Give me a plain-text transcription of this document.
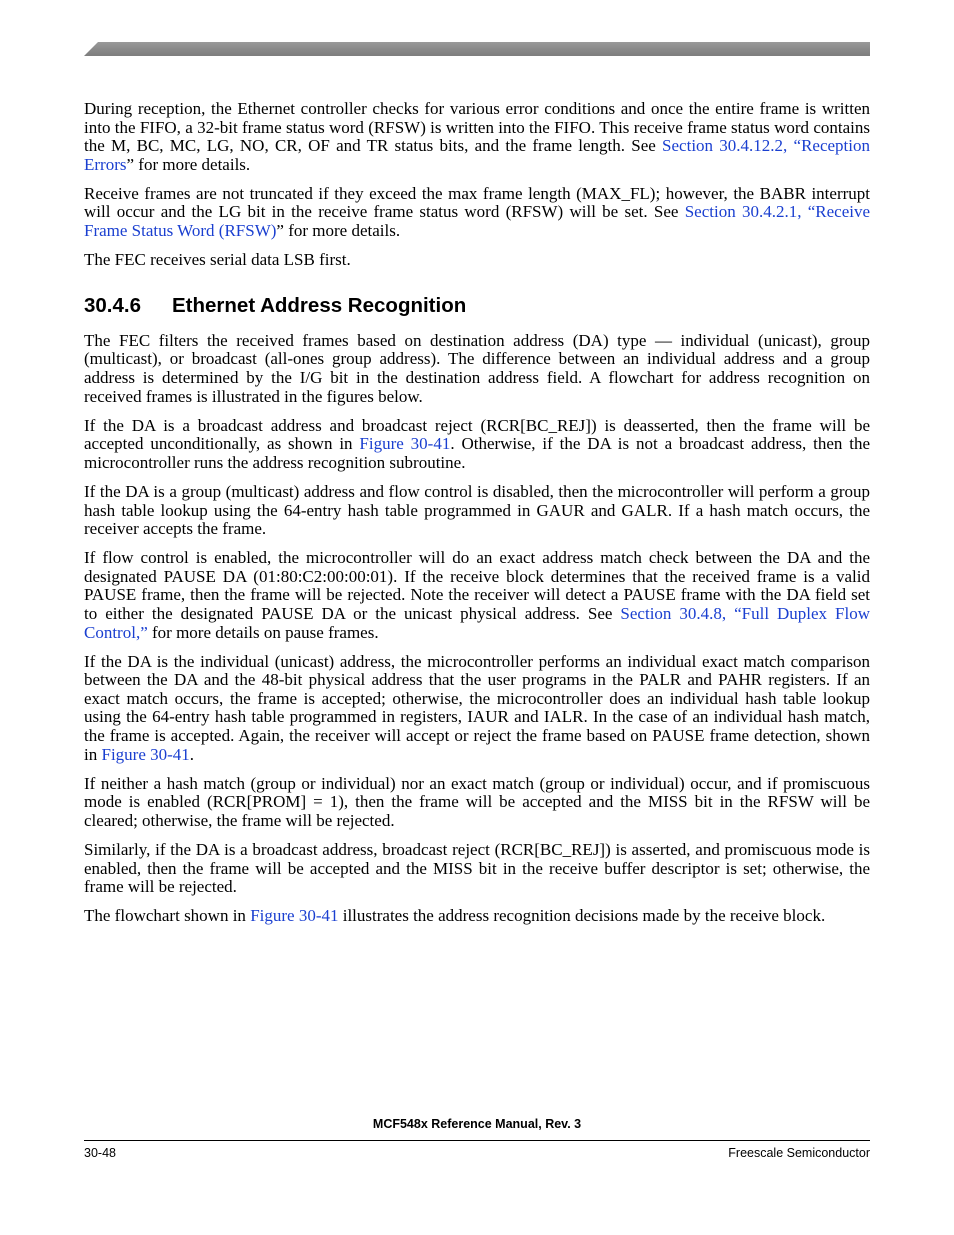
During reception, the Ethernet controller checks for various error conditions and once the entire frame is written into the FIFO, a 32-bit frame status word (RFSW) is written into the FIFO. This receive frame status word contains the M, BC, MC, LG, NO, CR, OF and TR status bits, and the frame length. See Section 30.4.12.2, “Reception Errors” for more details.

Receive frames are not truncated if they exceed the max frame length (MAX_FL); however, the BABR interrupt will occur and the LG bit in the receive frame status word (RFSW) will be set. See Section 30.4.2.1, “Receive Frame Status Word (RFSW)” for more details.

The FEC receives serial data LSB first.

30.4.6 Ethernet Address Recognition

The FEC filters the received frames based on destination address (DA) type — individual (unicast), group (multicast), or broadcast (all-ones group address). The difference between an individual address and a group address is determined by the I/G bit in the destination address field. A flowchart for address recognition on received frames is illustrated in the figures below.

If the DA is a broadcast address and broadcast reject (RCR[BC_REJ]) is deasserted, then the frame will be accepted unconditionally, as shown in Figure 30-41. Otherwise, if the DA is not a broadcast address, then the microcontroller runs the address recognition subroutine.

If the DA is a group (multicast) address and flow control is disabled, then the microcontroller will perform a group hash table lookup using the 64-entry hash table programmed in GAUR and GALR. If a hash match occurs, the receiver accepts the frame.

If flow control is enabled, the microcontroller will do an exact address match check between the DA and the designated PAUSE DA (01:80:C2:00:00:01). If the receive block determines that the received frame is a valid PAUSE frame, then the frame will be rejected. Note the receiver will detect a PAUSE frame with the DA field set to either the designated PAUSE DA or the unicast physical address. See Section 30.4.8, “Full Duplex Flow Control,” for more details on pause frames.

If the DA is the individual (unicast) address, the microcontroller performs an individual exact match comparison between the DA and the 48-bit physical address that the user programs in the PALR and PAHR registers. If an exact match occurs, the frame is accepted; otherwise, the microcontroller does an individual hash table lookup using the 64-entry hash table programmed in registers, IAUR and IALR. In the case of an individual hash match, the frame is accepted. Again, the receiver will accept or reject the frame based on PAUSE frame detection, shown in Figure 30-41.

If neither a hash match (group or individual) nor an exact match (group or individual) occur, and if promiscuous mode is enabled (RCR[PROM] = 1), then the frame will be accepted and the MISS bit in the RFSW will be cleared; otherwise, the frame will be rejected.

Similarly, if the DA is a broadcast address, broadcast reject (RCR[BC_REJ]) is asserted, and promiscuous mode is enabled, then the frame will be accepted and the MISS bit in the receive buffer descriptor is set; otherwise, the frame will be rejected.

The flowchart shown in Figure 30-41 illustrates the address recognition decisions made by the receive block.

MCF548x Reference Manual, Rev. 3
30-48	Freescale Semiconductor
